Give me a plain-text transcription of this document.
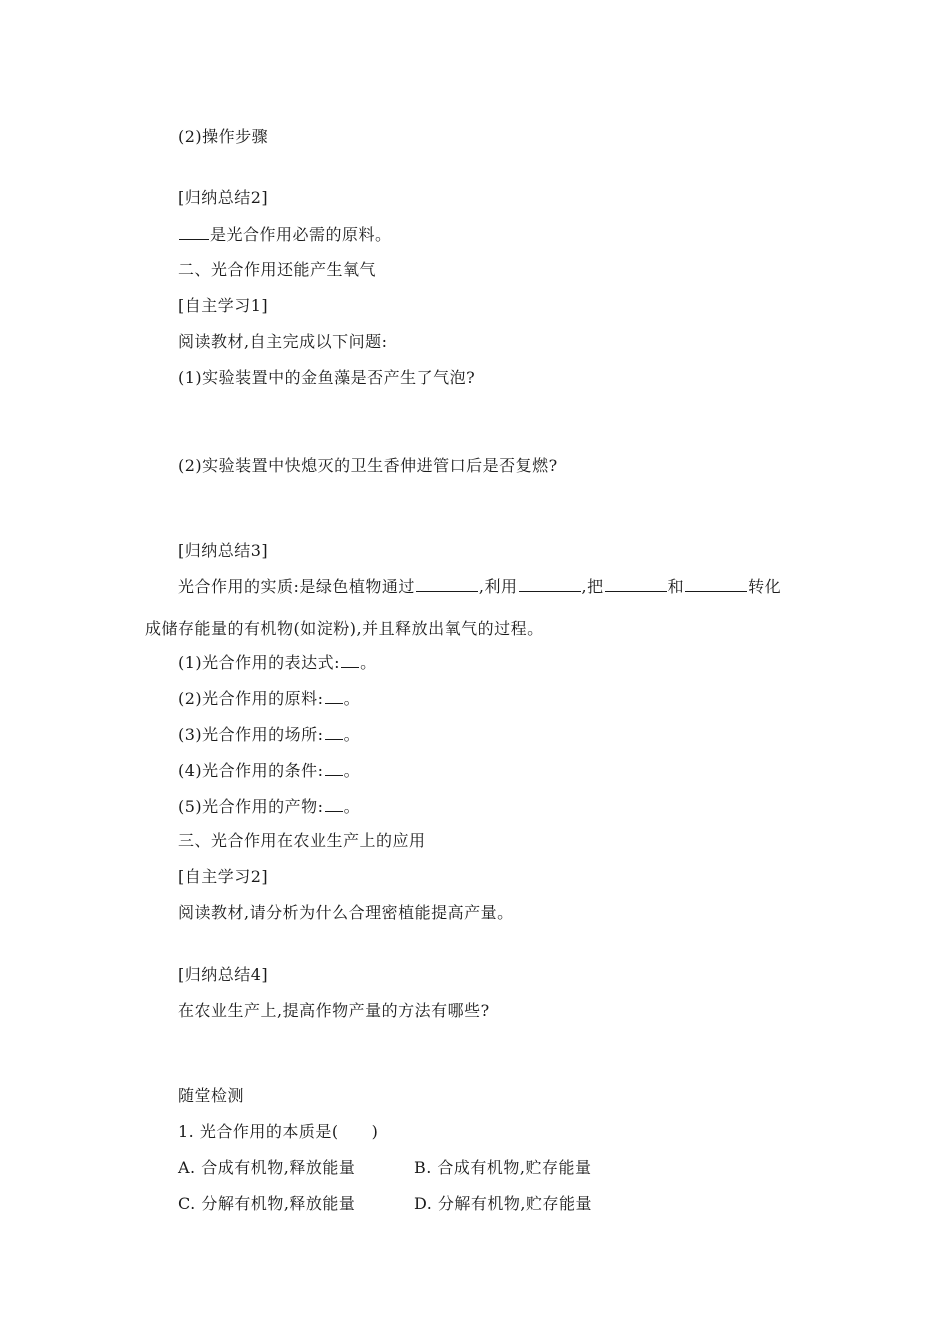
(2)操作步骤
[归纳总结2]
是光合作用必需的原料。
二、光合作用还能产生氧气
[自主学习1]
阅读教材,自主完成以下问题:
(1)实验装置中的金鱼藻是否产生了气泡?
(2)实验装置中快熄灭的卫生香伸进管口后是否复燃?
[归纳总结3]
光合作用的实质:是绿色植物通过	,利用	,把	和	转化
成储存能量的有机物(如淀粉),并且释放出氧气的过程。
(1)光合作用的表达式: 。
(2)光合作用的原料: 。
(3)光合作用的场所: 。
(4)光合作用的条件: 。
(5)光合作用的产物: 。
三、光合作用在农业生产上的应用
[自主学习2]
阅读教材,请分析为什么合理密植能提高产量。
[归纳总结4]
在农业生产上,提高作物产量的方法有哪些?
随堂检测
1. 光合作用的本质是(　　)
A. 合成有机物,释放能量	B. 合成有机物,贮存能量
C. 分解有机物,释放能量	D. 分解有机物,贮存能量
